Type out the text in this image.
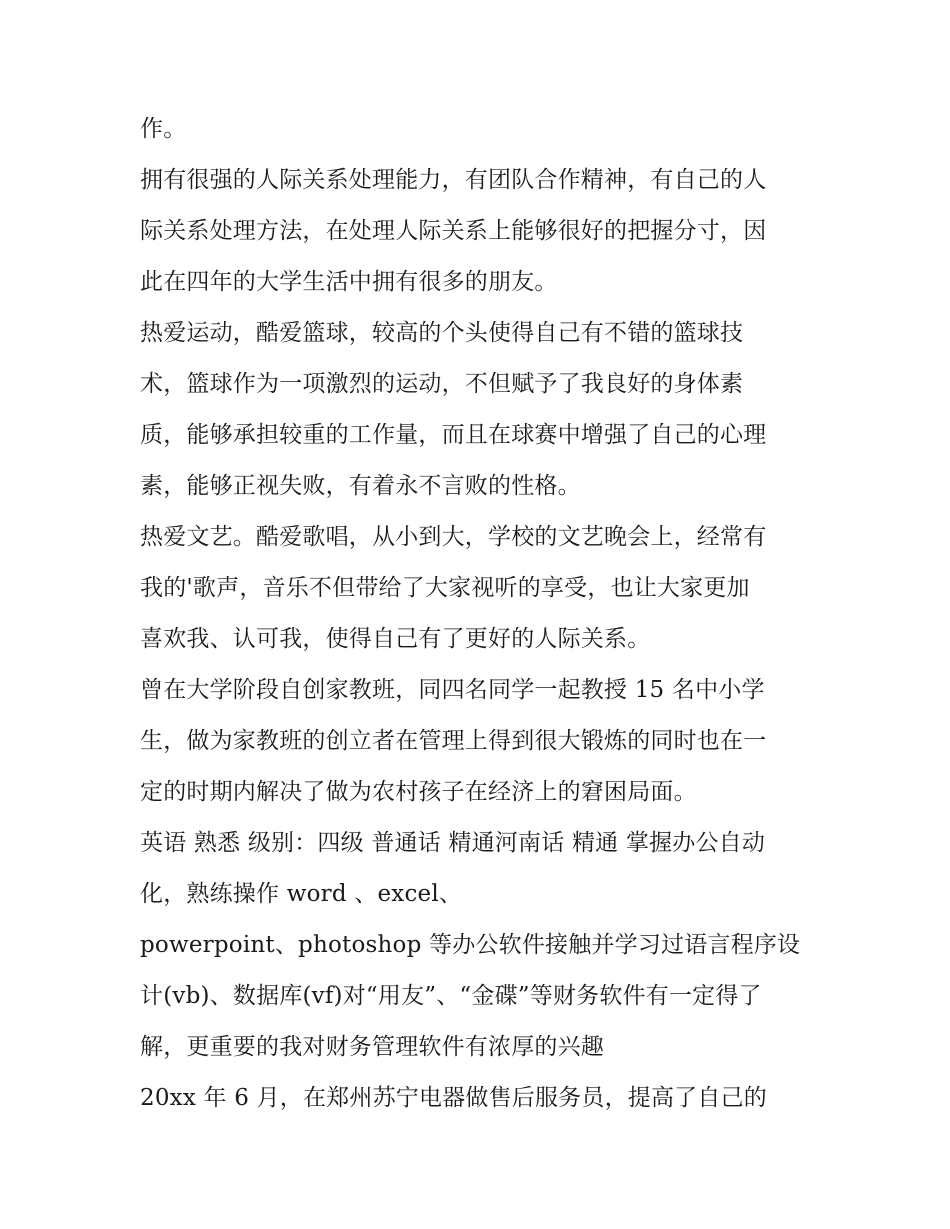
作。
拥有很强的人际关系处理能力，有团队合作精神，有自己的人
际关系处理方法，在处理人际关系上能够很好的把握分寸，因
此在四年的大学生活中拥有很多的朋友。
热爱运动，酷爱篮球，较高的个头使得自己有不错的篮球技
术，篮球作为一项激烈的运动，不但赋予了我良好的身体素
质，能够承担较重的工作量，而且在球赛中增强了自己的心理
素，能够正视失败，有着永不言败的性格。
热爱文艺。酷爱歌唱，从小到大，学校的文艺晚会上，经常有
我的'歌声，音乐不但带给了大家视听的享受，也让大家更加
喜欢我、认可我，使得自己有了更好的人际关系。
曾在大学阶段自创家教班，同四名同学一起教授 15 名中小学
生，做为家教班的创立者在管理上得到很大锻炼的同时也在一
定的时期内解决了做为农村孩子在经济上的窘困局面。
英语 熟悉 级别：四级 普通话 精通河南话 精通 掌握办公自动
化，熟练操作 word 、excel、
powerpoint、photoshop 等办公软件接触并学习过语言程序设
计(vb)、数据库(vf)对“用友”、“金碟”等财务软件有一定得了
解，更重要的我对财务管理软件有浓厚的兴趣
20xx 年 6 月，在郑州苏宁电器做售后服务员，提高了自己的
